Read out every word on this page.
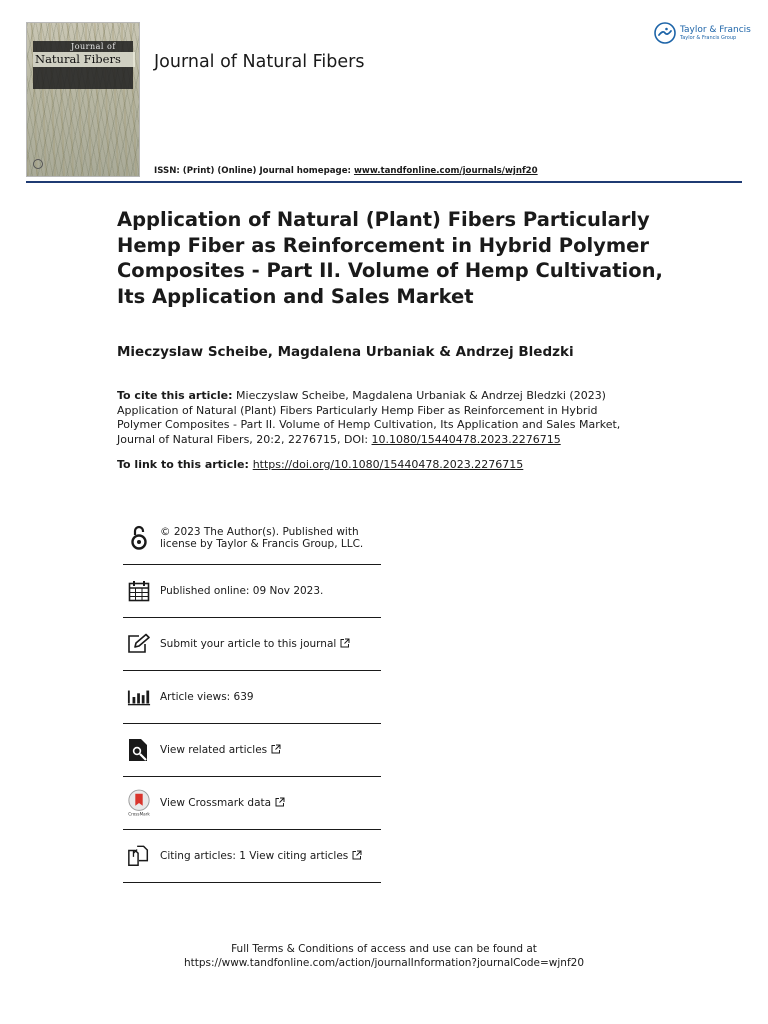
Journal of
Natural Fibers	Journal of Natural Fibers
ISSN: (Print) (Online) Journal homepage: www.tandfonline.com/journals/wjnf20
Taylor & Francis
Taylor & Francis Group
Application of Natural (Plant) Fibers Particularly Hemp Fiber as Reinforcement in Hybrid Polymer Composites - Part II. Volume of Hemp Cultivation, Its Application and Sales Market
Mieczyslaw Scheibe, Magdalena Urbaniak & Andrzej Bledzki
To cite this article: Mieczyslaw Scheibe, Magdalena Urbaniak & Andrzej Bledzki (2023) Application of Natural (Plant) Fibers Particularly Hemp Fiber as Reinforcement in Hybrid Polymer Composites - Part II. Volume of Hemp Cultivation, Its Application and Sales Market, Journal of Natural Fibers, 20:2, 2276715, DOI: 10.1080/15440478.2023.2276715
To link to this article: https://doi.org/10.1080/15440478.2023.2276715
© 2023 The Author(s). Published with
license by Taylor & Francis Group, LLC.
Published online: 09 Nov 2023.
Submit your article to this journal
Article views: 639
View related articles
CrossMark
View Crossmark data
Citing articles: 1 View citing articles
Full Terms & Conditions of access and use can be found at
https://www.tandfonline.com/action/journalInformation?journalCode=wjnf20
